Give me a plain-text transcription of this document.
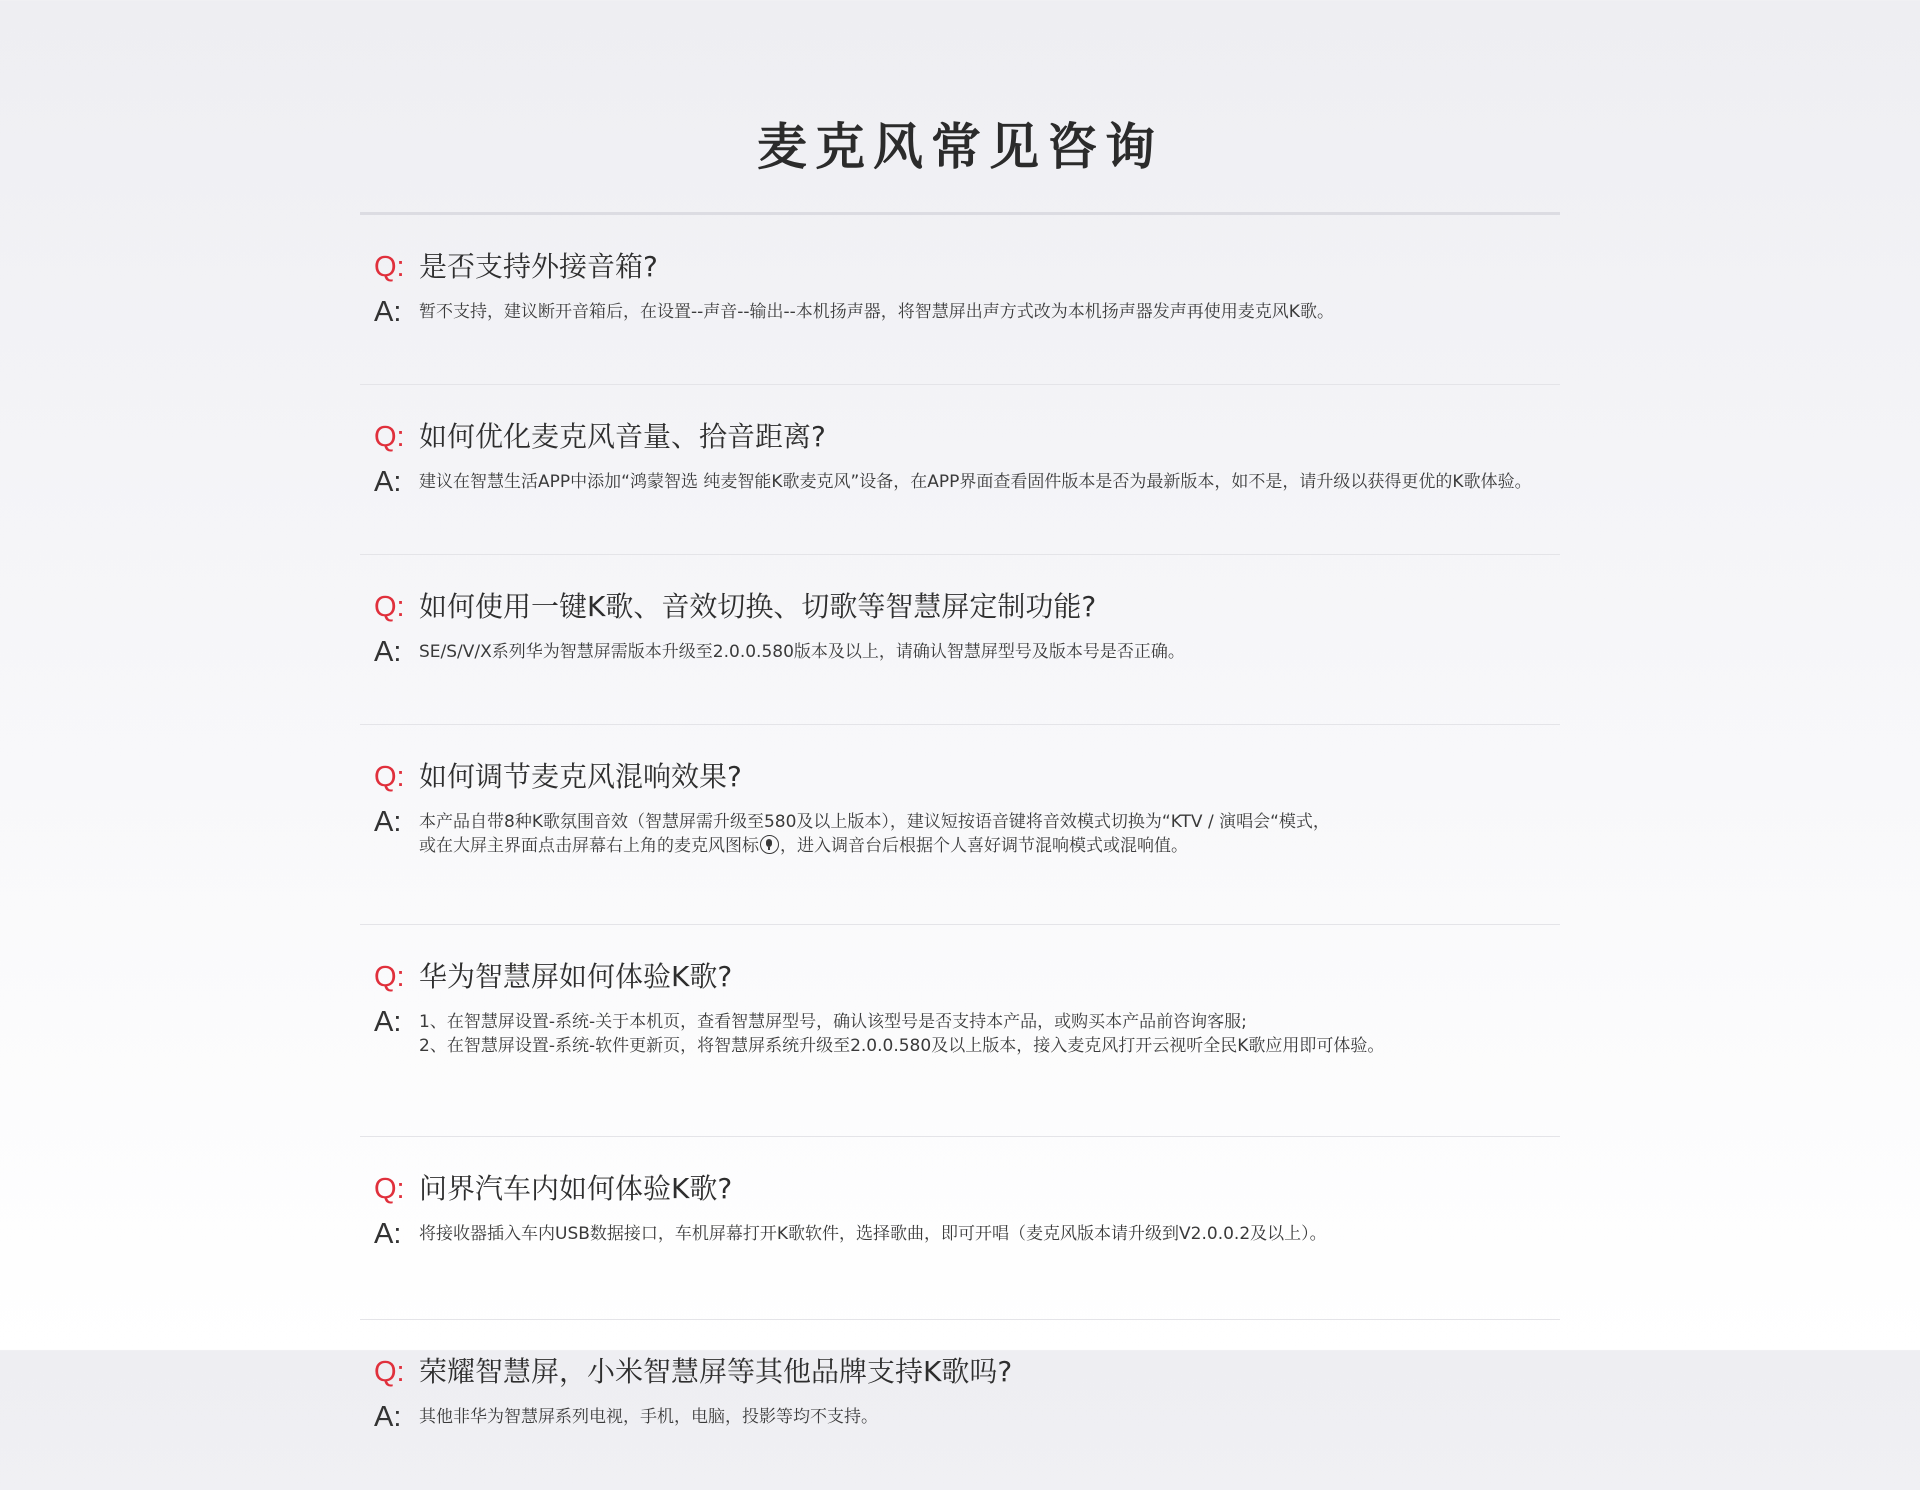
麦克风常见咨询
Q: 是否支持外接音箱?
A:	暂不支持，建议断开音箱后，在设置--声音--输出--本机扬声器，将智慧屏出声方式改为本机扬声器发声再使用麦克风K歌。
Q: 如何优化麦克风音量、拾音距离?
A:	建议在智慧生活APP中添加“鸿蒙智选 纯麦智能K歌麦克风”设备，在APP界面查看固件版本是否为最新版本，如不是，请升级以获得更优的K歌体验。
Q: 如何使用一键K歌、音效切换、切歌等智慧屏定制功能?
A:	SE/S/V/X系列华为智慧屏需版本升级至2.0.0.580版本及以上，请确认智慧屏型号及版本号是否正确。
Q: 如何调节麦克风混响效果?
A:	本产品自带8种K歌氛围音效（智慧屏需升级至580及以上版本），建议短按语音键将音效模式切换为“KTV / 演唱会“模式，
或在大屏主界面点击屏幕右上角的麦克风图标 ，进入调音台后根据个人喜好调节混响模式或混响值。
Q: 华为智慧屏如何体验K歌?
A:	1、在智慧屏设置-系统-关于本机页，查看智慧屏型号，确认该型号是否支持本产品，或购买本产品前咨询客服;
2、在智慧屏设置-系统-软件更新页，将智慧屏系统升级至2.0.0.580及以上版本，接入麦克风打开云视听全民K歌应用即可体验。
Q: 问界汽车内如何体验K歌?
A:	将接收器插入车内USB数据接口，车机屏幕打开K歌软件，选择歌曲，即可开唱（麦克风版本请升级到V2.0.0.2及以上）。
Q: 荣耀智慧屏，小米智慧屏等其他品牌支持K歌吗?
A:	其他非华为智慧屏系列电视，手机，电脑，投影等均不支持。
